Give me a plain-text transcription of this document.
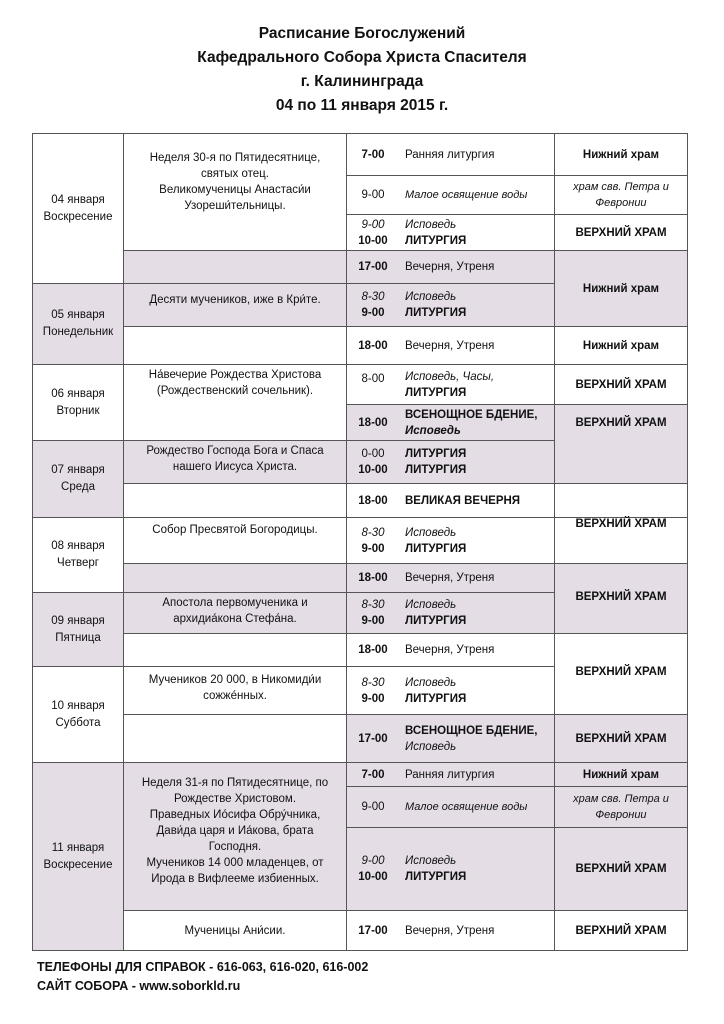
Расписание Богослужений
Кафедрального Собора Христа Спасителя
г. Калининграда
04 по 11 января 2015 г.
04 января
Воскресение
05 января
Понедельник
06 января
Вторник
07 января
Среда
08 января
Четверг
09 января
Пятница
10 января
Суббота
11 января
Воскресение
Неделя 30-я по Пятидесятнице,
святых отец.
Великомученицы Анастаси́и
Узореши́тельницы.
Десяти мучеников, иже в Кри́те.
На́вечерие Рождества Христова
(Рождественский сочельник).
Рождество Господа Бога и Спаса
нашего Иисуса Христа.
Собор Пресвятой Богородицы.
Апостола первомученика и
архидиа́кона Стефа́на.
Мучеников 20 000, в Никомиди́и
сожже́нных.
Неделя 31-я по Пятидесятнице, по
Рождестве Христовом.
Праведных Ио́сифа Обру́чника,
Дави́да царя и Иа́кова, брата
Господня.
Мучеников 14 000 младенцев, от
Ирода в Вифлееме избиенных.
Мученицы Ани́сии.
7-00 Ранняя литургия
9-00 Малое освящение воды
9-00
10-00
Исповедь
ЛИТУРГИЯ
17-00 Вечерня, Утреня
8-30
9-00
Исповедь
ЛИТУРГИЯ
18-00 Вечерня, Утреня
8-00 Исповедь, Часы,
ЛИТУРГИЯ
18-00
ВСЕНОЩНОЕ БДЕНИЕ,
Исповедь
0-00
10-00
ЛИТУРГИЯ
ЛИТУРГИЯ
18-00 ВЕЛИКАЯ ВЕЧЕРНЯ
8-30
9-00
Исповедь
ЛИТУРГИЯ
18-00 Вечерня, Утреня
8-30
9-00
Исповедь
ЛИТУРГИЯ
18-00 Вечерня, Утреня
8-30
9-00
Исповедь
ЛИТУРГИЯ
17-00
ВСЕНОЩНОЕ БДЕНИЕ,
Исповедь
7-00 Ранняя литургия
9-00 Малое освящение воды
9-00
10-00
Исповедь
ЛИТУРГИЯ
17-00 Вечерня, Утреня
Нижний храм
храм свв. Петра и
Февронии
ВЕРХНИЙ ХРАМ
Нижний храм
Нижний храм
ВЕРХНИЙ ХРАМ
ВЕРХНИЙ ХРАМ
ВЕРХНИЙ ХРАМ
ВЕРХНИЙ ХРАМ
ВЕРХНИЙ ХРАМ
ВЕРХНИЙ ХРАМ
Нижний храм
храм свв. Петра и
Февронии
ВЕРХНИЙ ХРАМ
ВЕРХНИЙ ХРАМ
ТЕЛЕФОНЫ ДЛЯ СПРАВОК - 616-063, 616-020, 616-002
САЙТ СОБОРА - www.soborkld.ru
